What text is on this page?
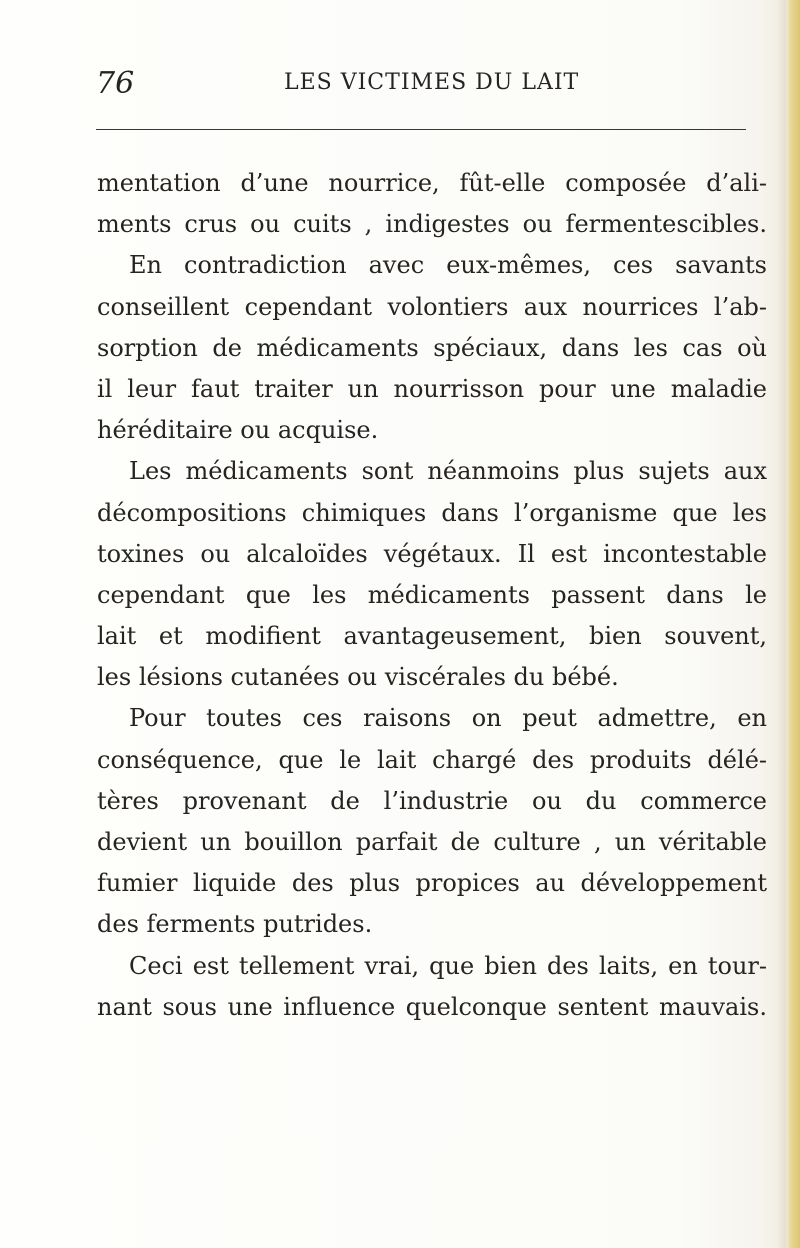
76	LES VICTIMES DU LAIT
mentation d’une nourrice, fût-elle composée d’ali-
ments crus ou cuits , indigestes ou fermentescibles.
En contradiction avec eux-mêmes, ces savants
conseillent cependant volontiers aux nourrices l’ab-
sorption de médicaments spéciaux, dans les cas où
il leur faut traiter un nourrisson pour une maladie
héréditaire ou acquise.
Les médicaments sont néanmoins plus sujets aux
décompositions chimiques dans l’organisme que les
toxines ou alcaloïdes végétaux. Il est incontestable
cependant que les médicaments passent dans le
lait et modifient avantageusement, bien souvent,
les lésions cutanées ou viscérales du bébé.
Pour toutes ces raisons on peut admettre, en
conséquence, que le lait chargé des produits délé-
tères provenant de l’industrie ou du commerce
devient un bouillon parfait de culture , un véritable
fumier liquide des plus propices au développement
des ferments putrides.
Ceci est tellement vrai, que bien des laits, en tour-
nant sous une influence quelconque sentent mauvais.
